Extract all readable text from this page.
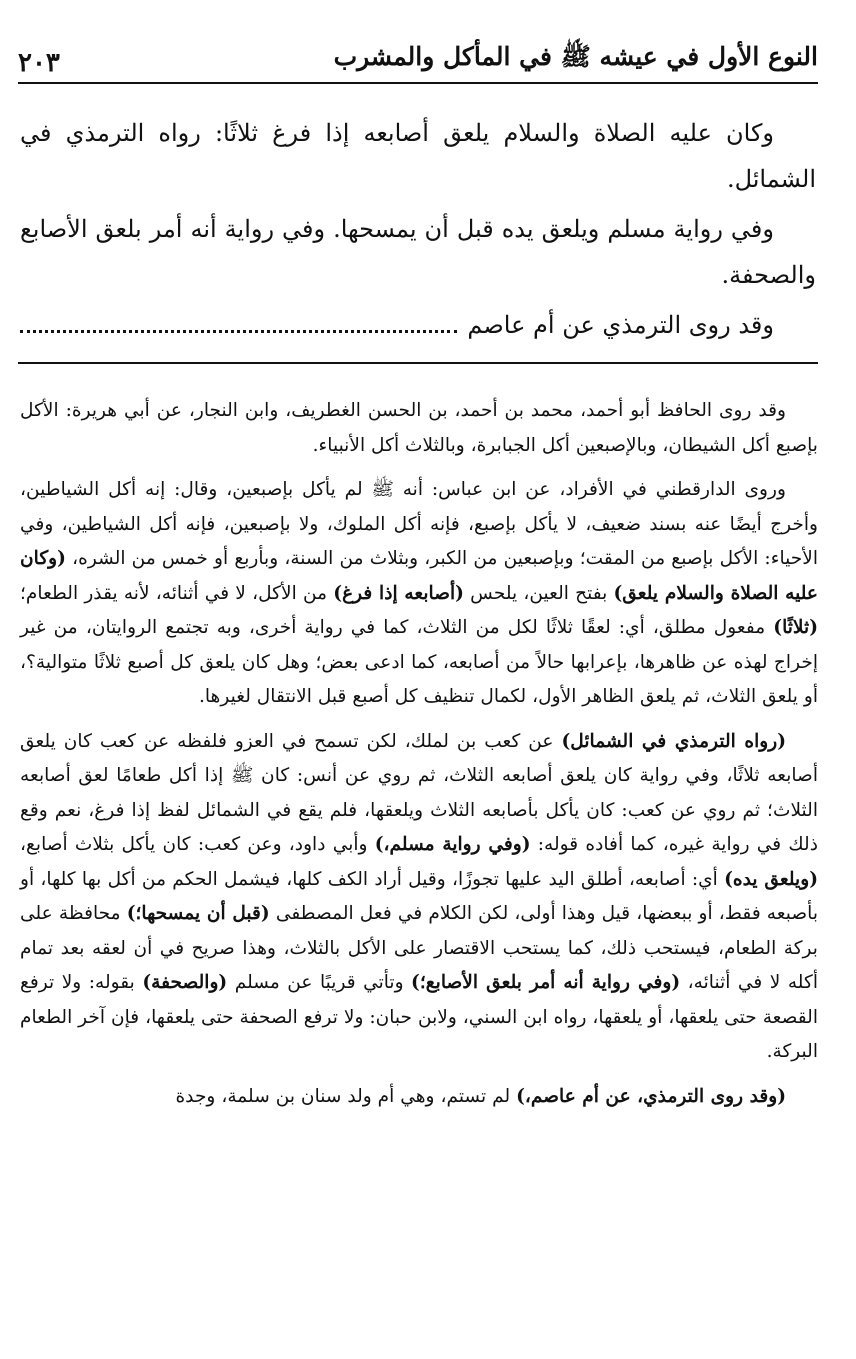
النوع الأول في عيشه ﷺ في المأكل والمشرب
٢٠٣

وكان عليه الصلاة والسلام يلعق أصابعه إذا فرغ ثلاثًا: رواه الترمذي في الشمائل.

وفي رواية مسلم ويلعق يده قبل أن يمسحها. وفي رواية أنه أمر بلعق الأصابع والصحفة.

وقد روى الترمذي عن أم عاصم

وقد روى الحافظ أبو أحمد، محمد بن أحمد، بن الحسن الغطريف، وابن النجار، عن أبي هريرة: الأكل بإصبع أكل الشيطان، وبالإصبعين أكل الجبابرة، وبالثلاث أكل الأنبياء.

وروى الدارقطني في الأفراد، عن ابن عباس: أنه ﷺ لم يأكل بإصبعين، وقال: إنه أكل الشياطين، وأخرج أيضًا عنه بسند ضعيف، لا يأكل بإصبع، فإنه أكل الملوك، ولا بإصبعين، فإنه أكل الشياطين، وفي الأحياء: الأكل بإصبع من المقت؛ وبإصبعين من الكبر، وبثلاث من السنة، وبأربع أو خمس من الشره، (وكان عليه الصلاة والسلام يلعق) بفتح العين، يلحس (أصابعه إذا فرغ) من الأكل، لا في أثنائه، لأنه يقذر الطعام؛ (ثلاثًا) مفعول مطلق، أي: لعقًا ثلاثًا لكل من الثلاث، كما في رواية أخرى، وبه تجتمع الروايتان، من غير إخراج لهذه عن ظاهرها، بإعرابها حالاً من أصابعه، كما ادعى بعض؛ وهل كان يلعق كل أصبع ثلاثًا متوالية؟، أو يلعق الثلاث، ثم يلعق الظاهر الأول، لكمال تنظيف كل أصبع قبل الانتقال لغيرها.

(رواه الترمذي في الشمائل) عن كعب بن لملك، لكن تسمح في العزو فلفظه عن كعب كان يلعق أصابعه ثلاثًا، وفي رواية كان يلعق أصابعه الثلاث، ثم روي عن أنس: كان ﷺ إذا أكل طعامًا لعق أصابعه الثلاث؛ ثم روي عن كعب: كان يأكل بأصابعه الثلاث ويلعقها، فلم يقع في الشمائل لفظ إذا فرغ، نعم وقع ذلك في رواية غيره، كما أفاده قوله: (وفي رواية مسلم،) وأبي داود، وعن كعب: كان يأكل بثلاث أصابع، (ويلعق يده) أي: أصابعه، أطلق اليد عليها تجوزًا، وقيل أراد الكف كلها، فيشمل الحكم من أكل بها كلها، أو بأصبعه فقط، أو ببعضها، قيل وهذا أولى، لكن الكلام في فعل المصطفى (قبل أن يمسحها؛) محافظة على بركة الطعام، فيستحب ذلك، كما يستحب الاقتصار على الأكل بالثلاث، وهذا صريح في أن لعقه بعد تمام أكله لا في أثنائه، (وفي رواية أنه أمر بلعق الأصابع؛) وتأتي قريبًا عن مسلم (والصحفة) بقوله: ولا ترفع القصعة حتى يلعقها، أو يلعقها، رواه ابن السني، ولابن حبان: ولا ترفع الصحفة حتى يلعقها، فإن آخر الطعام البركة.

(وقد روى الترمذي، عن أم عاصم،) لم تستم، وهي أم ولد سنان بن سلمة، وجدة
